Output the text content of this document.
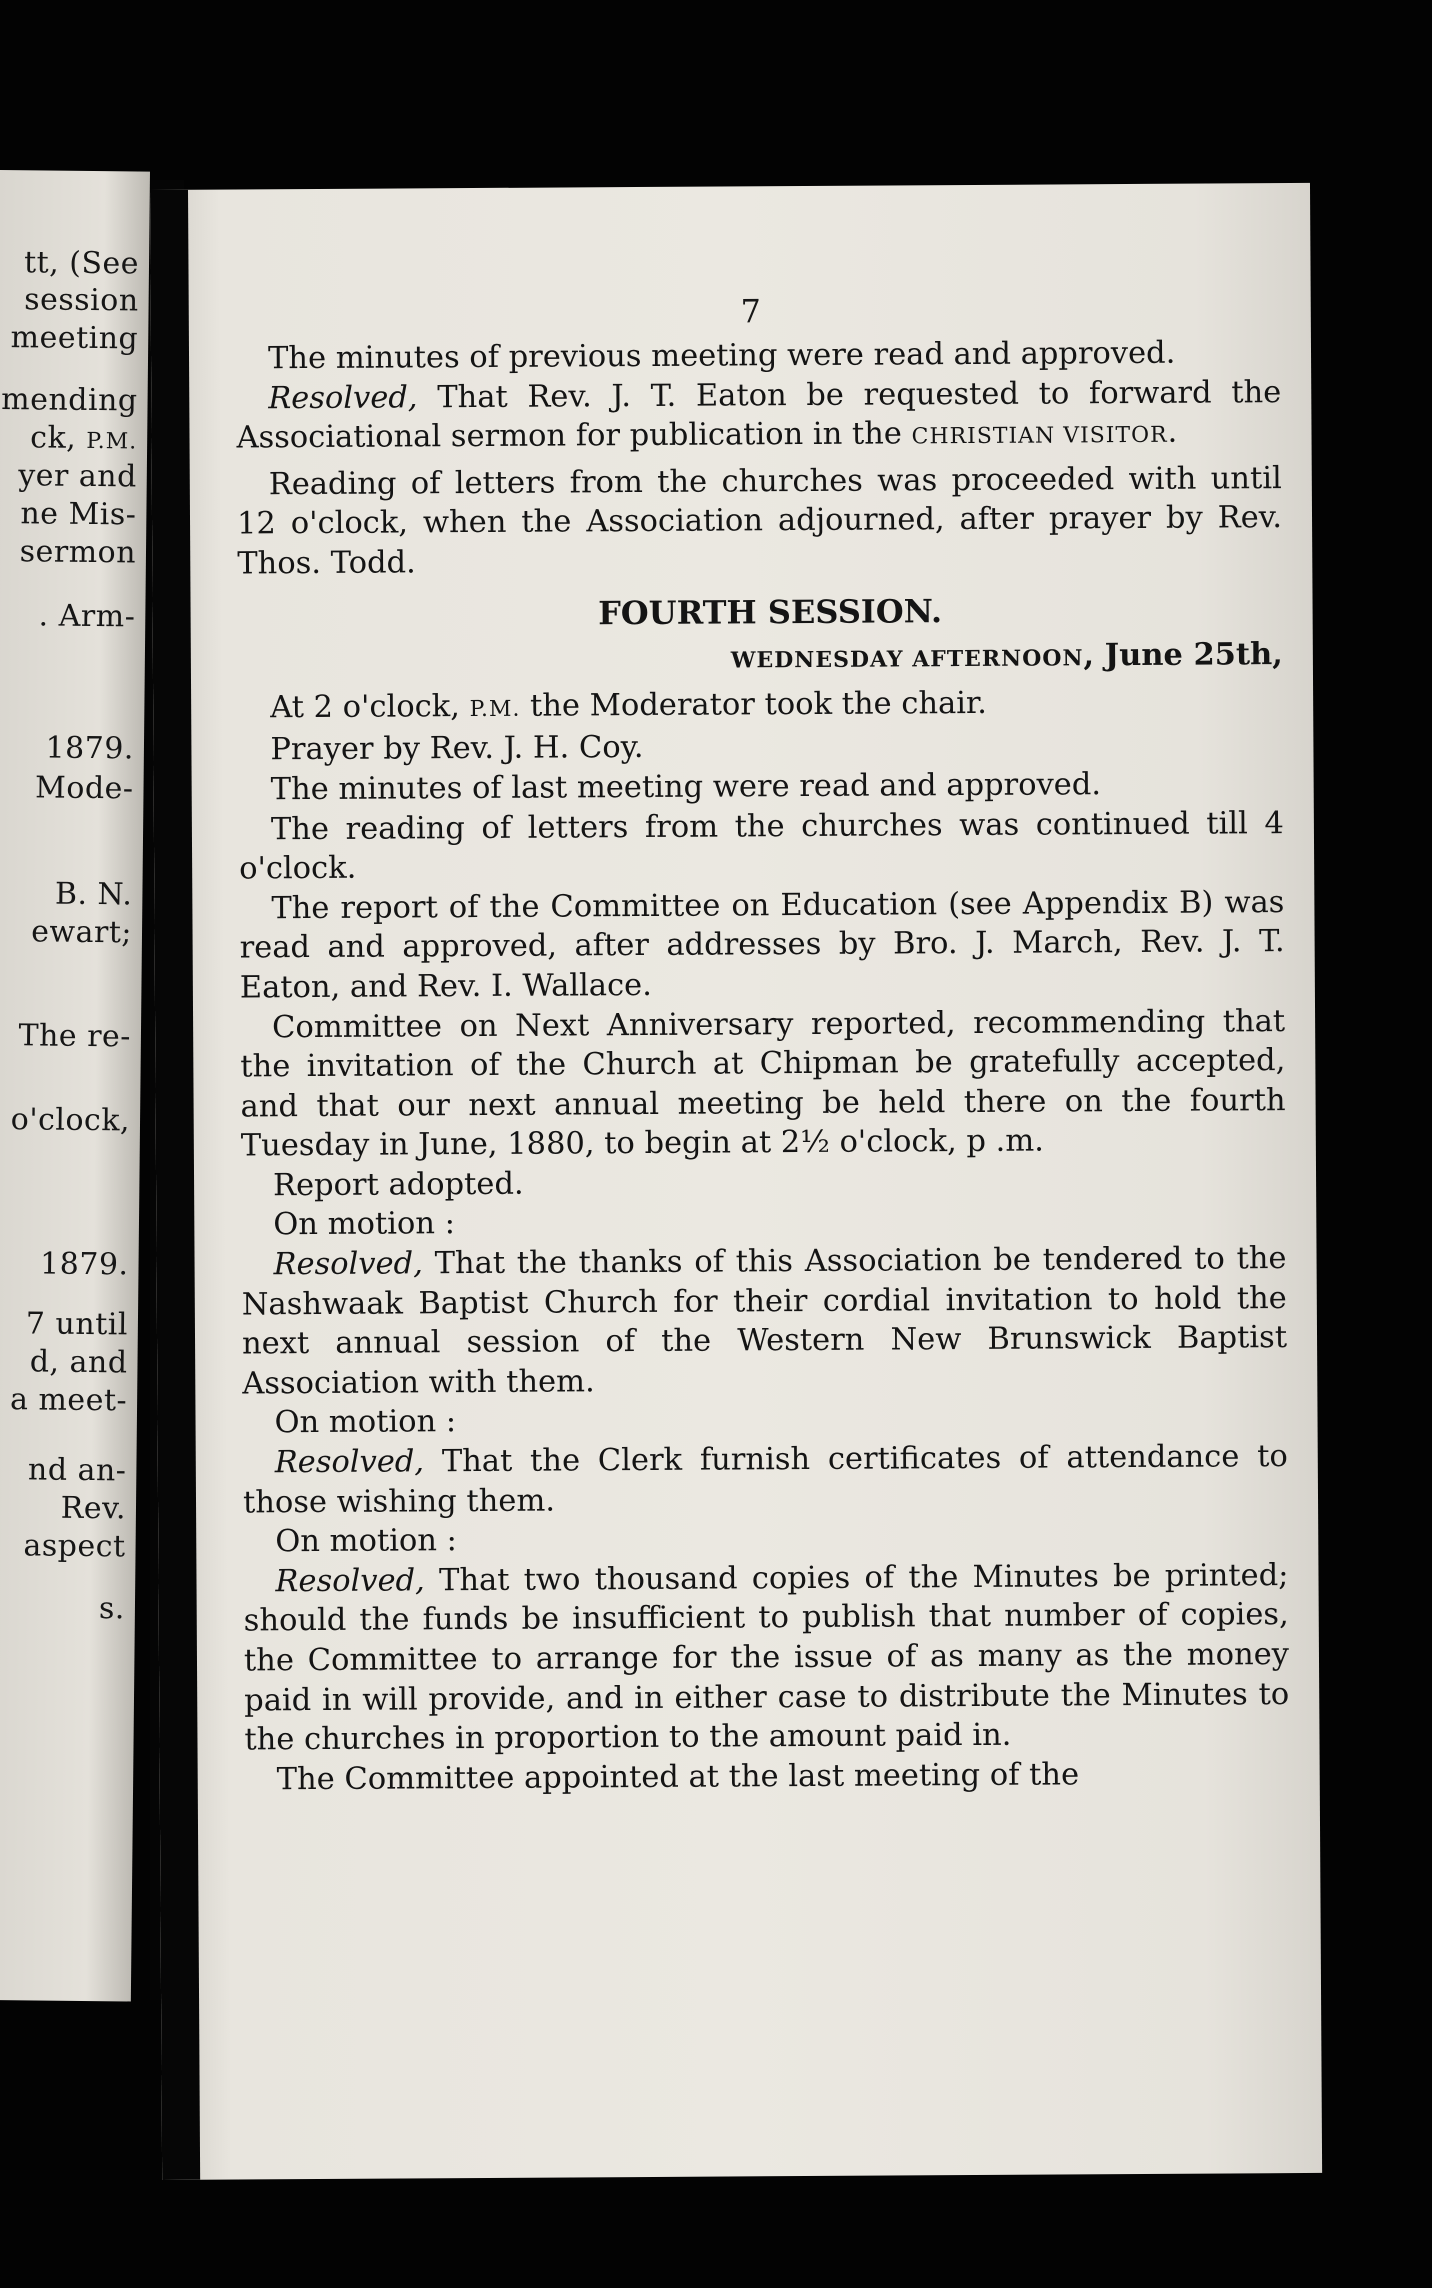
tt, (See
session
meeting
mending
ck, P.M.
yer and
ne Mis-
sermon
. Arm-
1879.
Mode-
B. N.
ewart;
The re-
o'clock,
1879.
7 until
d, and
a meet-
nd an-
Rev.
aspect
s.
7

The minutes of previous meeting were read and approved.

Resolved, That Rev. J. T. Eaton be requested to forward the Associational sermon for publication in the CHRISTIAN VISITOR.

Reading of letters from the churches was proceeded with until 12 o'clock, when the Association adjourned, after prayer by Rev. Thos. Todd.

FOURTH SESSION.

WEDNESDAY AFTERNOON, June 25th,

At 2 o'clock, P.M. the Moderator took the chair.

Prayer by Rev. J. H. Coy.

The minutes of last meeting were read and approved.

The reading of letters from the churches was continued till 4 o'clock.

The report of the Committee on Education (see Appendix B) was read and approved, after addresses by Bro. J. March, Rev. J. T. Eaton, and Rev. I. Wallace.

Committee on Next Anniversary reported, recommending that the invitation of the Church at Chipman be gratefully accepted, and that our next annual meeting be held there on the fourth Tuesday in June, 1880, to begin at 2½ o'clock, p .m.

Report adopted.

On motion :

Resolved, That the thanks of this Association be tendered to the Nashwaak Baptist Church for their cordial invitation to hold the next annual session of the Western New Brunswick Baptist Association with them.

On motion :

Resolved, That the Clerk furnish certificates of attendance to those wishing them.

On motion :

Resolved, That two thousand copies of the Minutes be printed; should the funds be insufficient to publish that number of copies, the Committee to arrange for the issue of as many as the money paid in will provide, and in either case to distribute the Minutes to the churches in proportion to the amount paid in.

The Committee appointed at the last meeting of the
